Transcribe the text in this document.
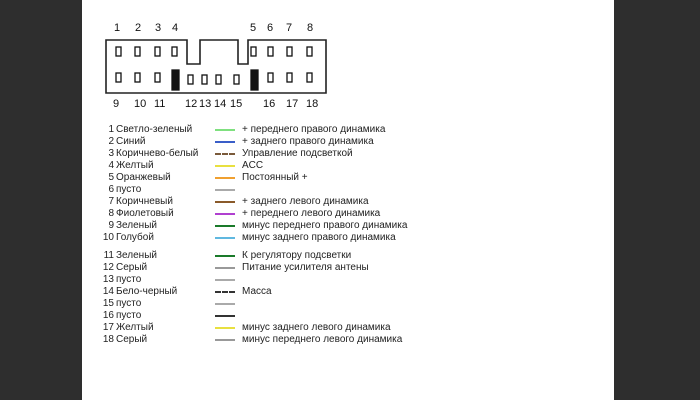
1 2 3 4	5 6 7 8
9 10 11 12 13 14 15 16 17 18
1 Светло-зеленый	+ переднего правого динамика
2 Синий	+ заднего правого динамика
3 Коричнево-белый	Управление подсветкой
4 Желтый	ACC
5 Оранжевый	Постоянный +
6 пусто
7 Коричневый	+ заднего левого динамика
8 Фиолетовый	+ переднего левого динамика
9 Зеленый	минус переднего правого динамика
10 Голубой	минус заднего правого динамика
11 Зеленый	К регулятору подсветки
12 Серый	Питание усилителя антены
13 пусто
14 Бело-черный	Масса
15 пусто
16 пусто
17 Желтый	минус заднего левого динамика
18 Серый	минус переднего левого динамика
